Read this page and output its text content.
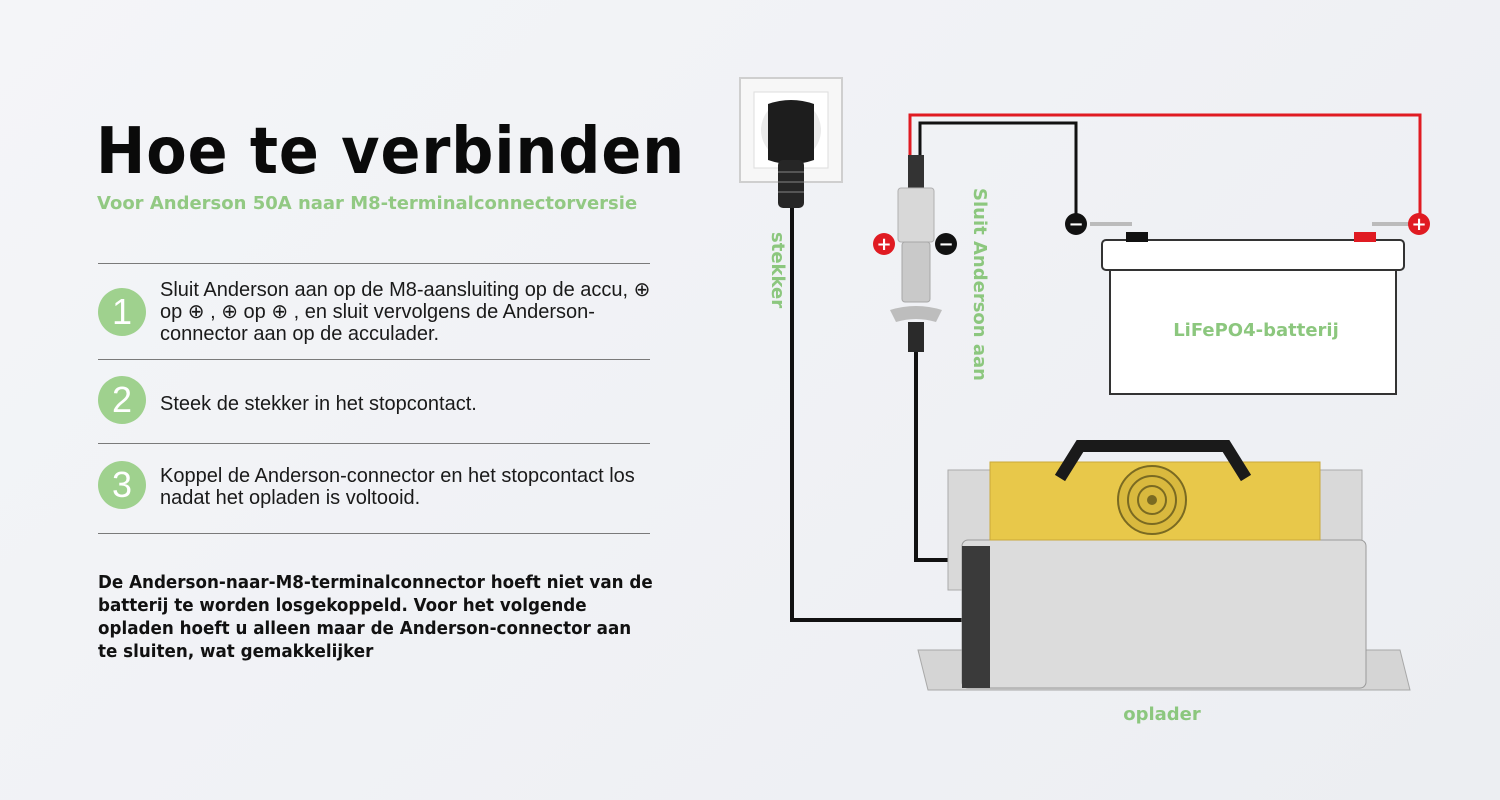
Hoe te verbinden
Voor Anderson 50A naar M8-terminalconnectorversie
1
Sluit Anderson aan op de M8-aansluiting op de accu, ⊕ op ⊕ , ⊕ op ⊕ , en sluit vervolgens de Anderson-connector aan op de acculader.
2	Steek de stekker in het stopcontact.
3	Koppel de Anderson-connector en het stopcontact los nadat het opladen is voltooid.
De Anderson-naar-M8-terminalconnector hoeft niet van de batterij te worden losgekoppeld. Voor het volgende opladen hoeft u alleen maar de Anderson-connector aan te sluiten, wat gemakkelijker
+	−
LiFePO4-batterij
−	+
oplader
stekker	Sluit Anderson aan
